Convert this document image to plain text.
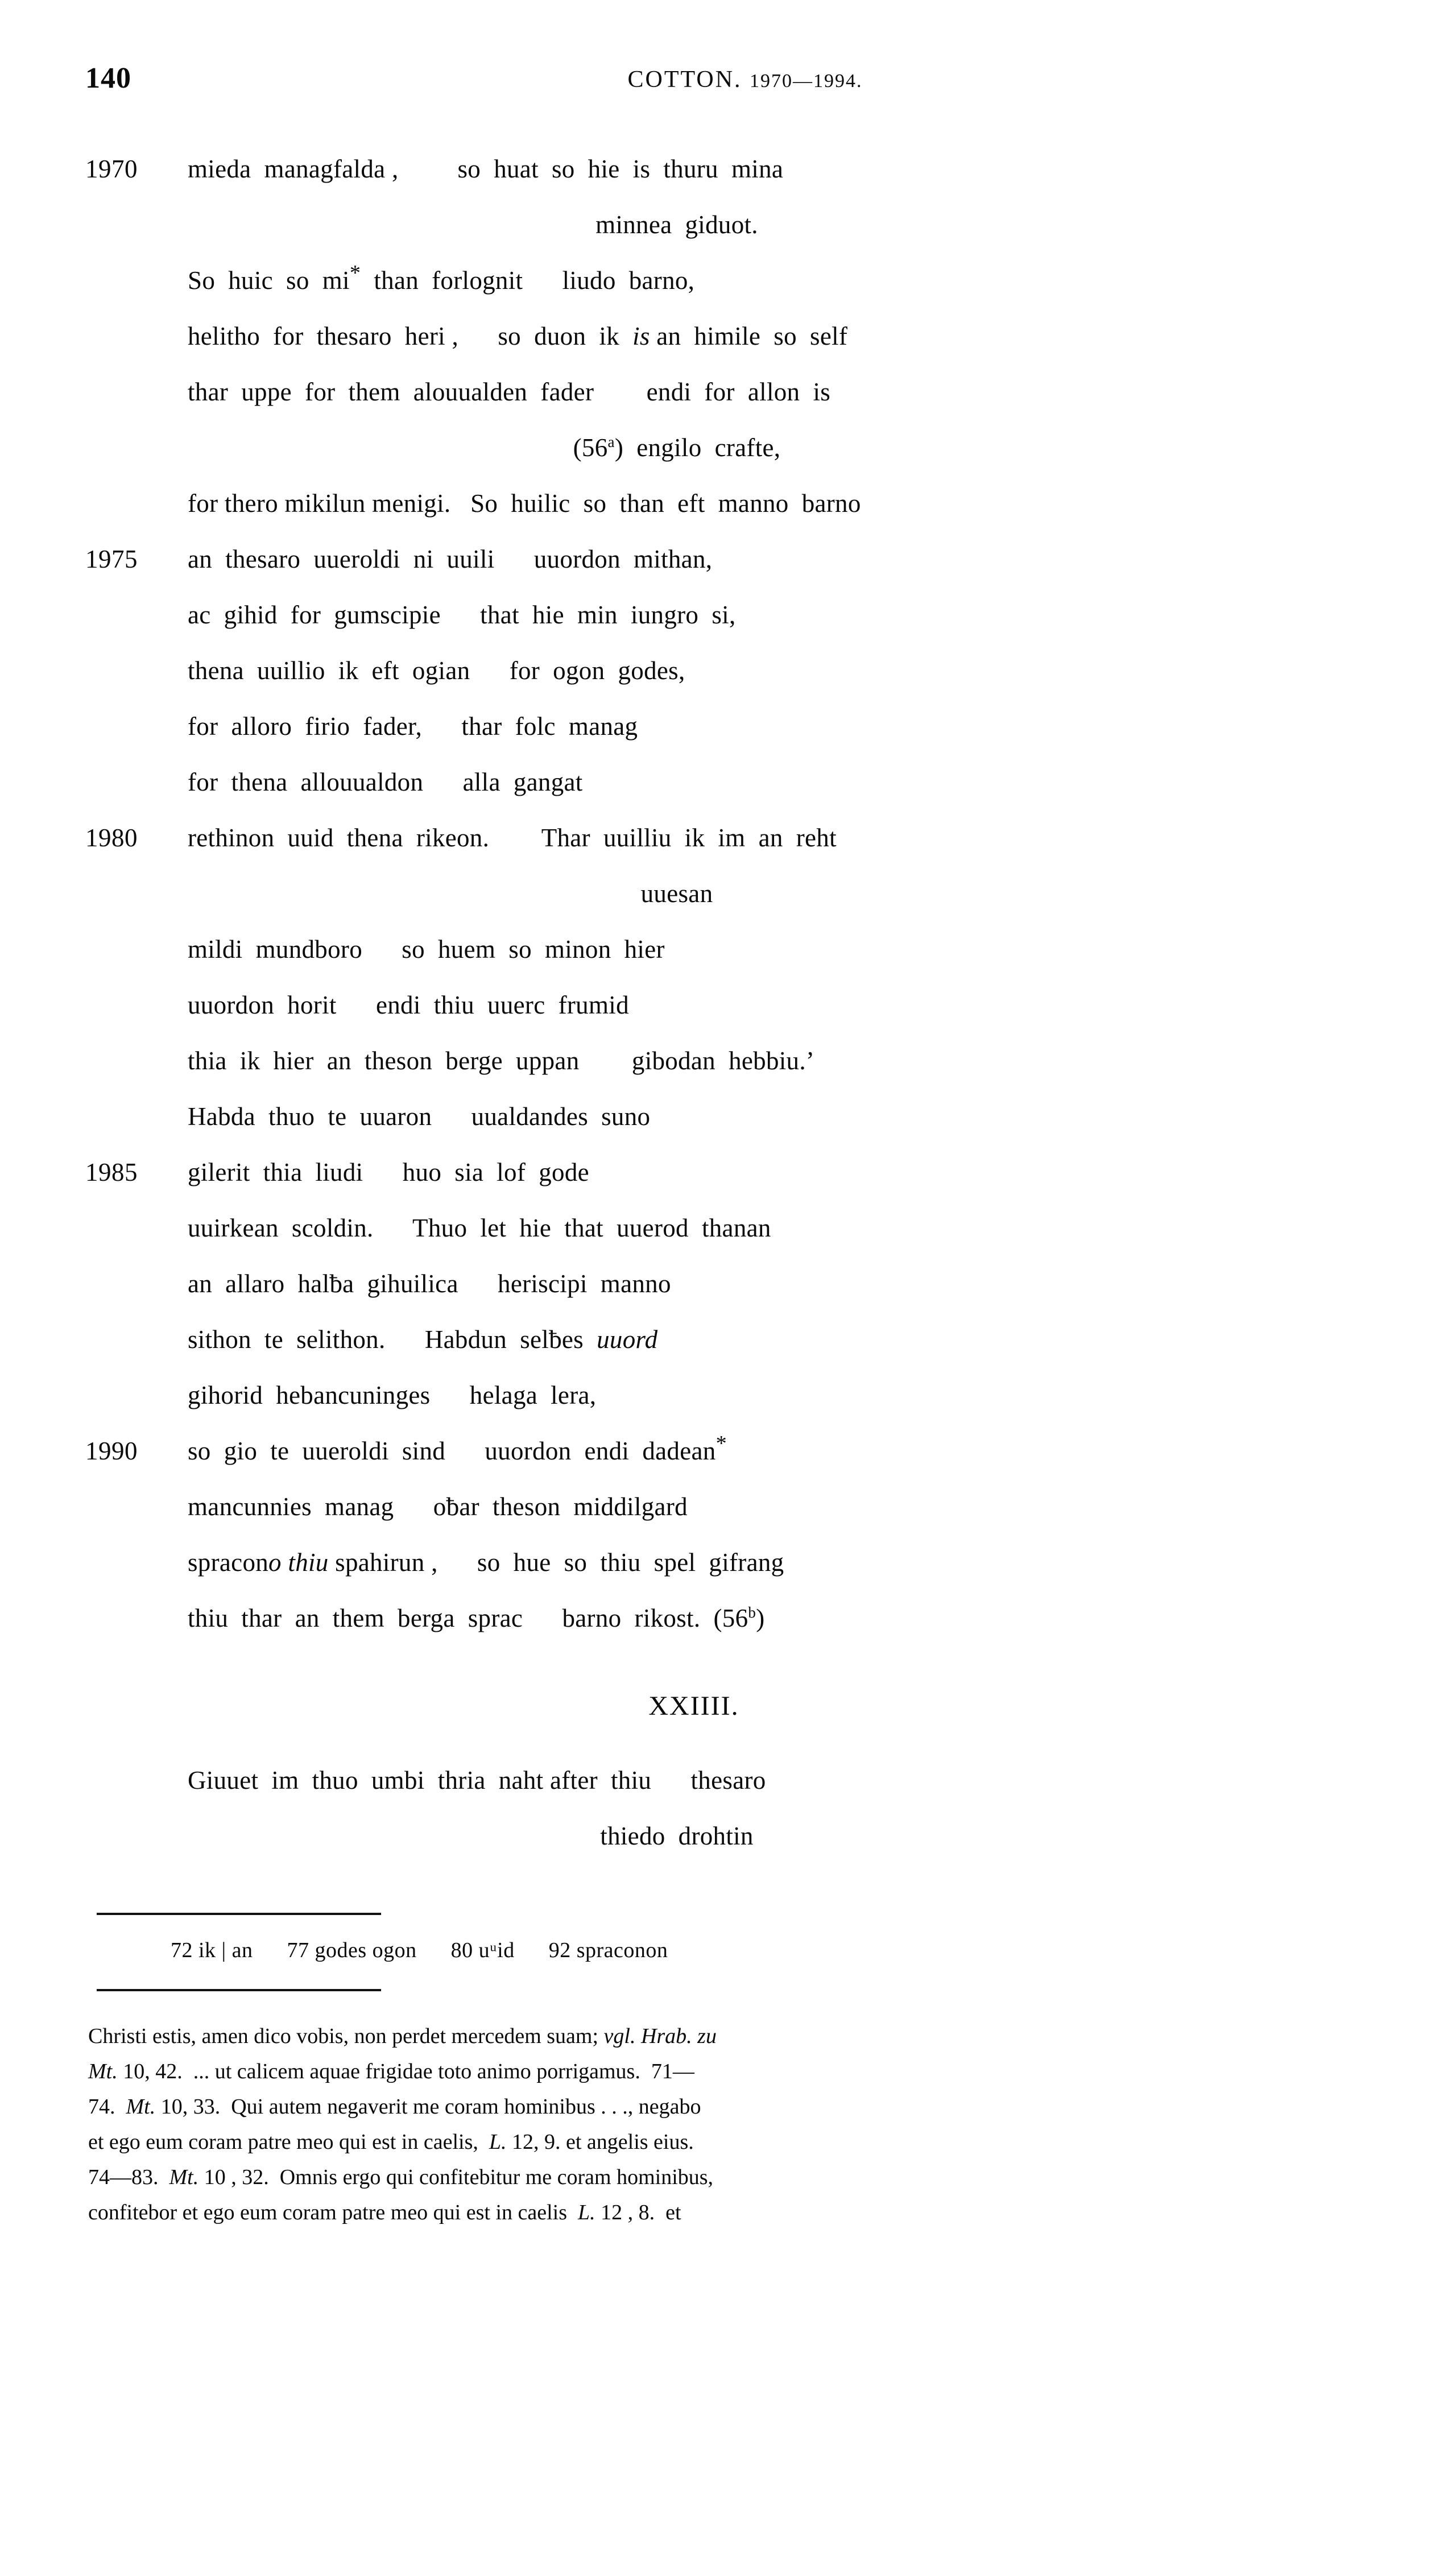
140	COTTON. 1970—1994.
1970	mieda  managfalda ,         so  huat  so  hie  is  thuru  mina
minnea  giduot.
So  huic  so  mi*  than  forlognit      liudo  barno,
helitho  for  thesaro  heri ,      so  duon  ik  is an  himile  so  self
thar  uppe  for  them  alouualden  fader        endi  for  allon  is
(56$^a$)  engilo  crafte,
for thero mikilun menigi.   So  huilic  so  than  eft  manno  barno
1975	an  thesaro  uueroldi  ni  uuili      uuordon  mithan,
ac  gihid  for  gumscipie      that  hie  min  iungro  si,
thena  uuillio  ik  eft  ogian      for  ogon  godes,
for  alloro  firio  fader,      thar  folc  manag
for  thena  allouualdon      alla  gangat
1980	rethinon  uuid  thena  rikeon.        Thar  uuilliu  ik  im  an  reht
uuesan
mildi  mundboro      so  huem  so  minon  hier
uuordon  horit      endi  thiu  uuerc  frumid
thia  ik  hier  an  theson  berge  uppan        gibodan  hebbiu.’
Habda  thuo  te  uuaron      uualdandes  suno
1985	gilerit  thia  liudi      huo  sia  lof  gode
uuirkean  scoldin.      Thuo  let  hie  that  uuerod  thanan
an  allaro  halƀa  gihuilica      heriscipi  manno
sithon  te  selithon.      Habdun  selƀes  uuord
gihorid  hebancuninges      helaga  lera,
1990	so  gio  te  uueroldi  sind      uuordon  endi  dadean*
mancunnies  manag      oƀar  theson  middilgard
spracono thiu spahirun ,      so  hue  so  thiu  spel  gifrang
thiu  thar  an  them  berga  sprac      barno  rikost.  (56$^b$)
XXIIII.
Giuuet  im  thuo  umbi  thria  naht after  thiu      thesaro
thiedo  drohtin
72 ik | an      77 godes ogon      80 uᵘid      92 spraconon
Christi estis, amen dico vobis, non perdet mercedem suam; vgl. Hrab. zu
Mt. 10, 42.  ... ut calicem aquae frigidae toto animo porrigamus.  71—
74.  Mt. 10, 33.  Qui autem negaverit me coram hominibus . . ., negabo
et ego eum coram patre meo qui est in caelis,  L. 12, 9. et angelis eius.
74—83.  Mt. 10 , 32.  Omnis ergo qui confitebitur me coram hominibus,
confitebor et ego eum coram patre meo qui est in caelis  L. 12 , 8.  et
